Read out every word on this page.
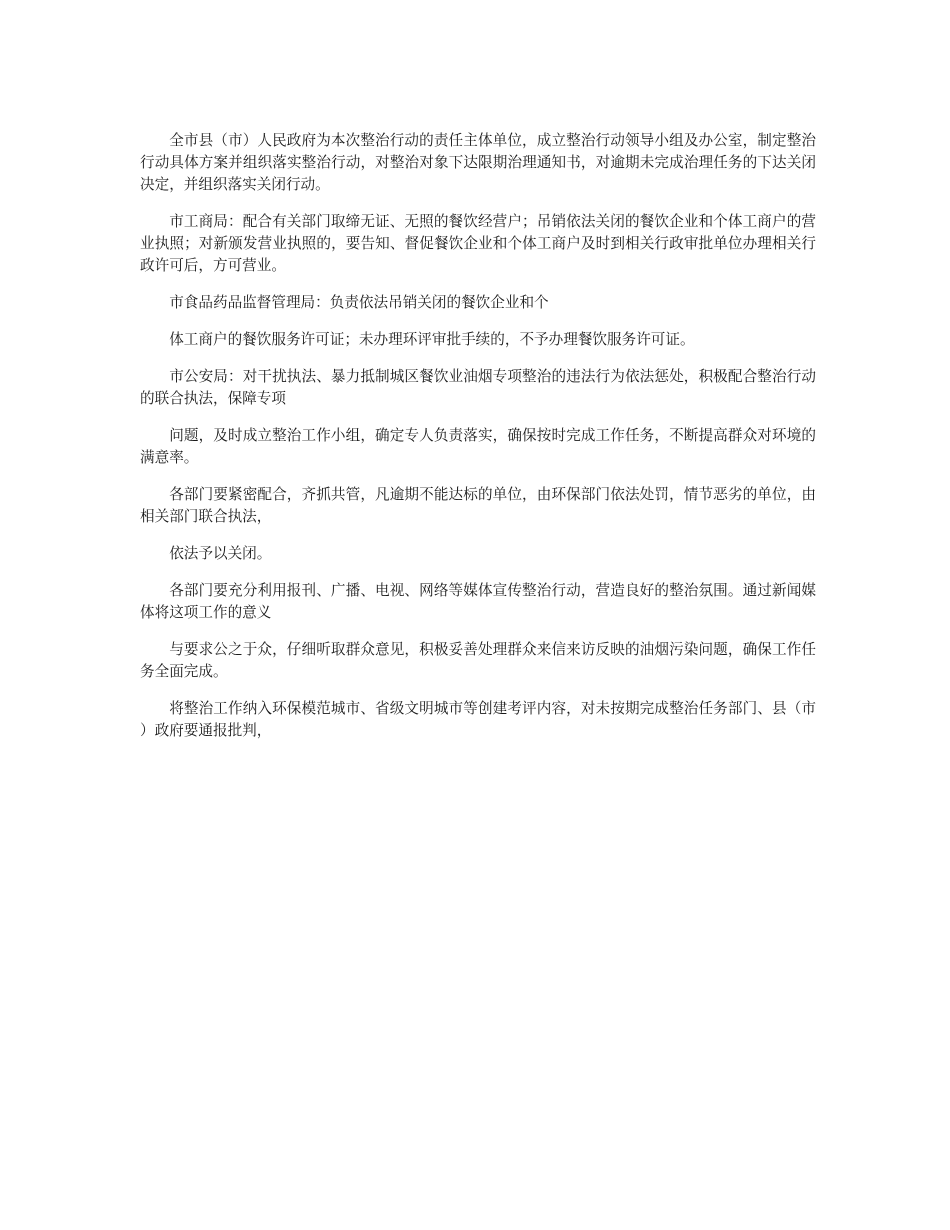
全市县（市）人民政府为本次整治行动的责任主体单位，成立整治行动领导小组及办公室，制定整治行动具体方案并组织落实整治行动，对整治对象下达限期治理通知书，对逾期未完成治理任务的下达关闭决定，并组织落实关闭行动。

市工商局：配合有关部门取缔无证、无照的餐饮经营户；吊销依法关闭的餐饮企业和个体工商户的营业执照；对新颁发营业执照的，要告知、督促餐饮企业和个体工商户及时到相关行政审批单位办理相关行政许可后，方可营业。

市食品药品监督管理局：负责依法吊销关闭的餐饮企业和个

体工商户的餐饮服务许可证；未办理环评审批手续的，不予办理餐饮服务许可证。

市公安局：对干扰执法、暴力抵制城区餐饮业油烟专项整治的违法行为依法惩处，积极配合整治行动的联合执法，保障专项

问题，及时成立整治工作小组，确定专人负责落实，确保按时完成工作任务，不断提高群众对环境的满意率。

各部门要紧密配合，齐抓共管，凡逾期不能达标的单位，由环保部门依法处罚，情节恶劣的单位，由相关部门联合执法，

依法予以关闭。

各部门要充分利用报刊、广播、电视、网络等媒体宣传整治行动，营造良好的整治氛围。通过新闻媒体将这项工作的意义

与要求公之于众，仔细听取群众意见，积极妥善处理群众来信来访反映的油烟污染问题，确保工作任务全面完成。

将整治工作纳入环保模范城市、省级文明城市等创建考评内容，对未按期完成整治任务部门、县（市）政府要通报批判，
